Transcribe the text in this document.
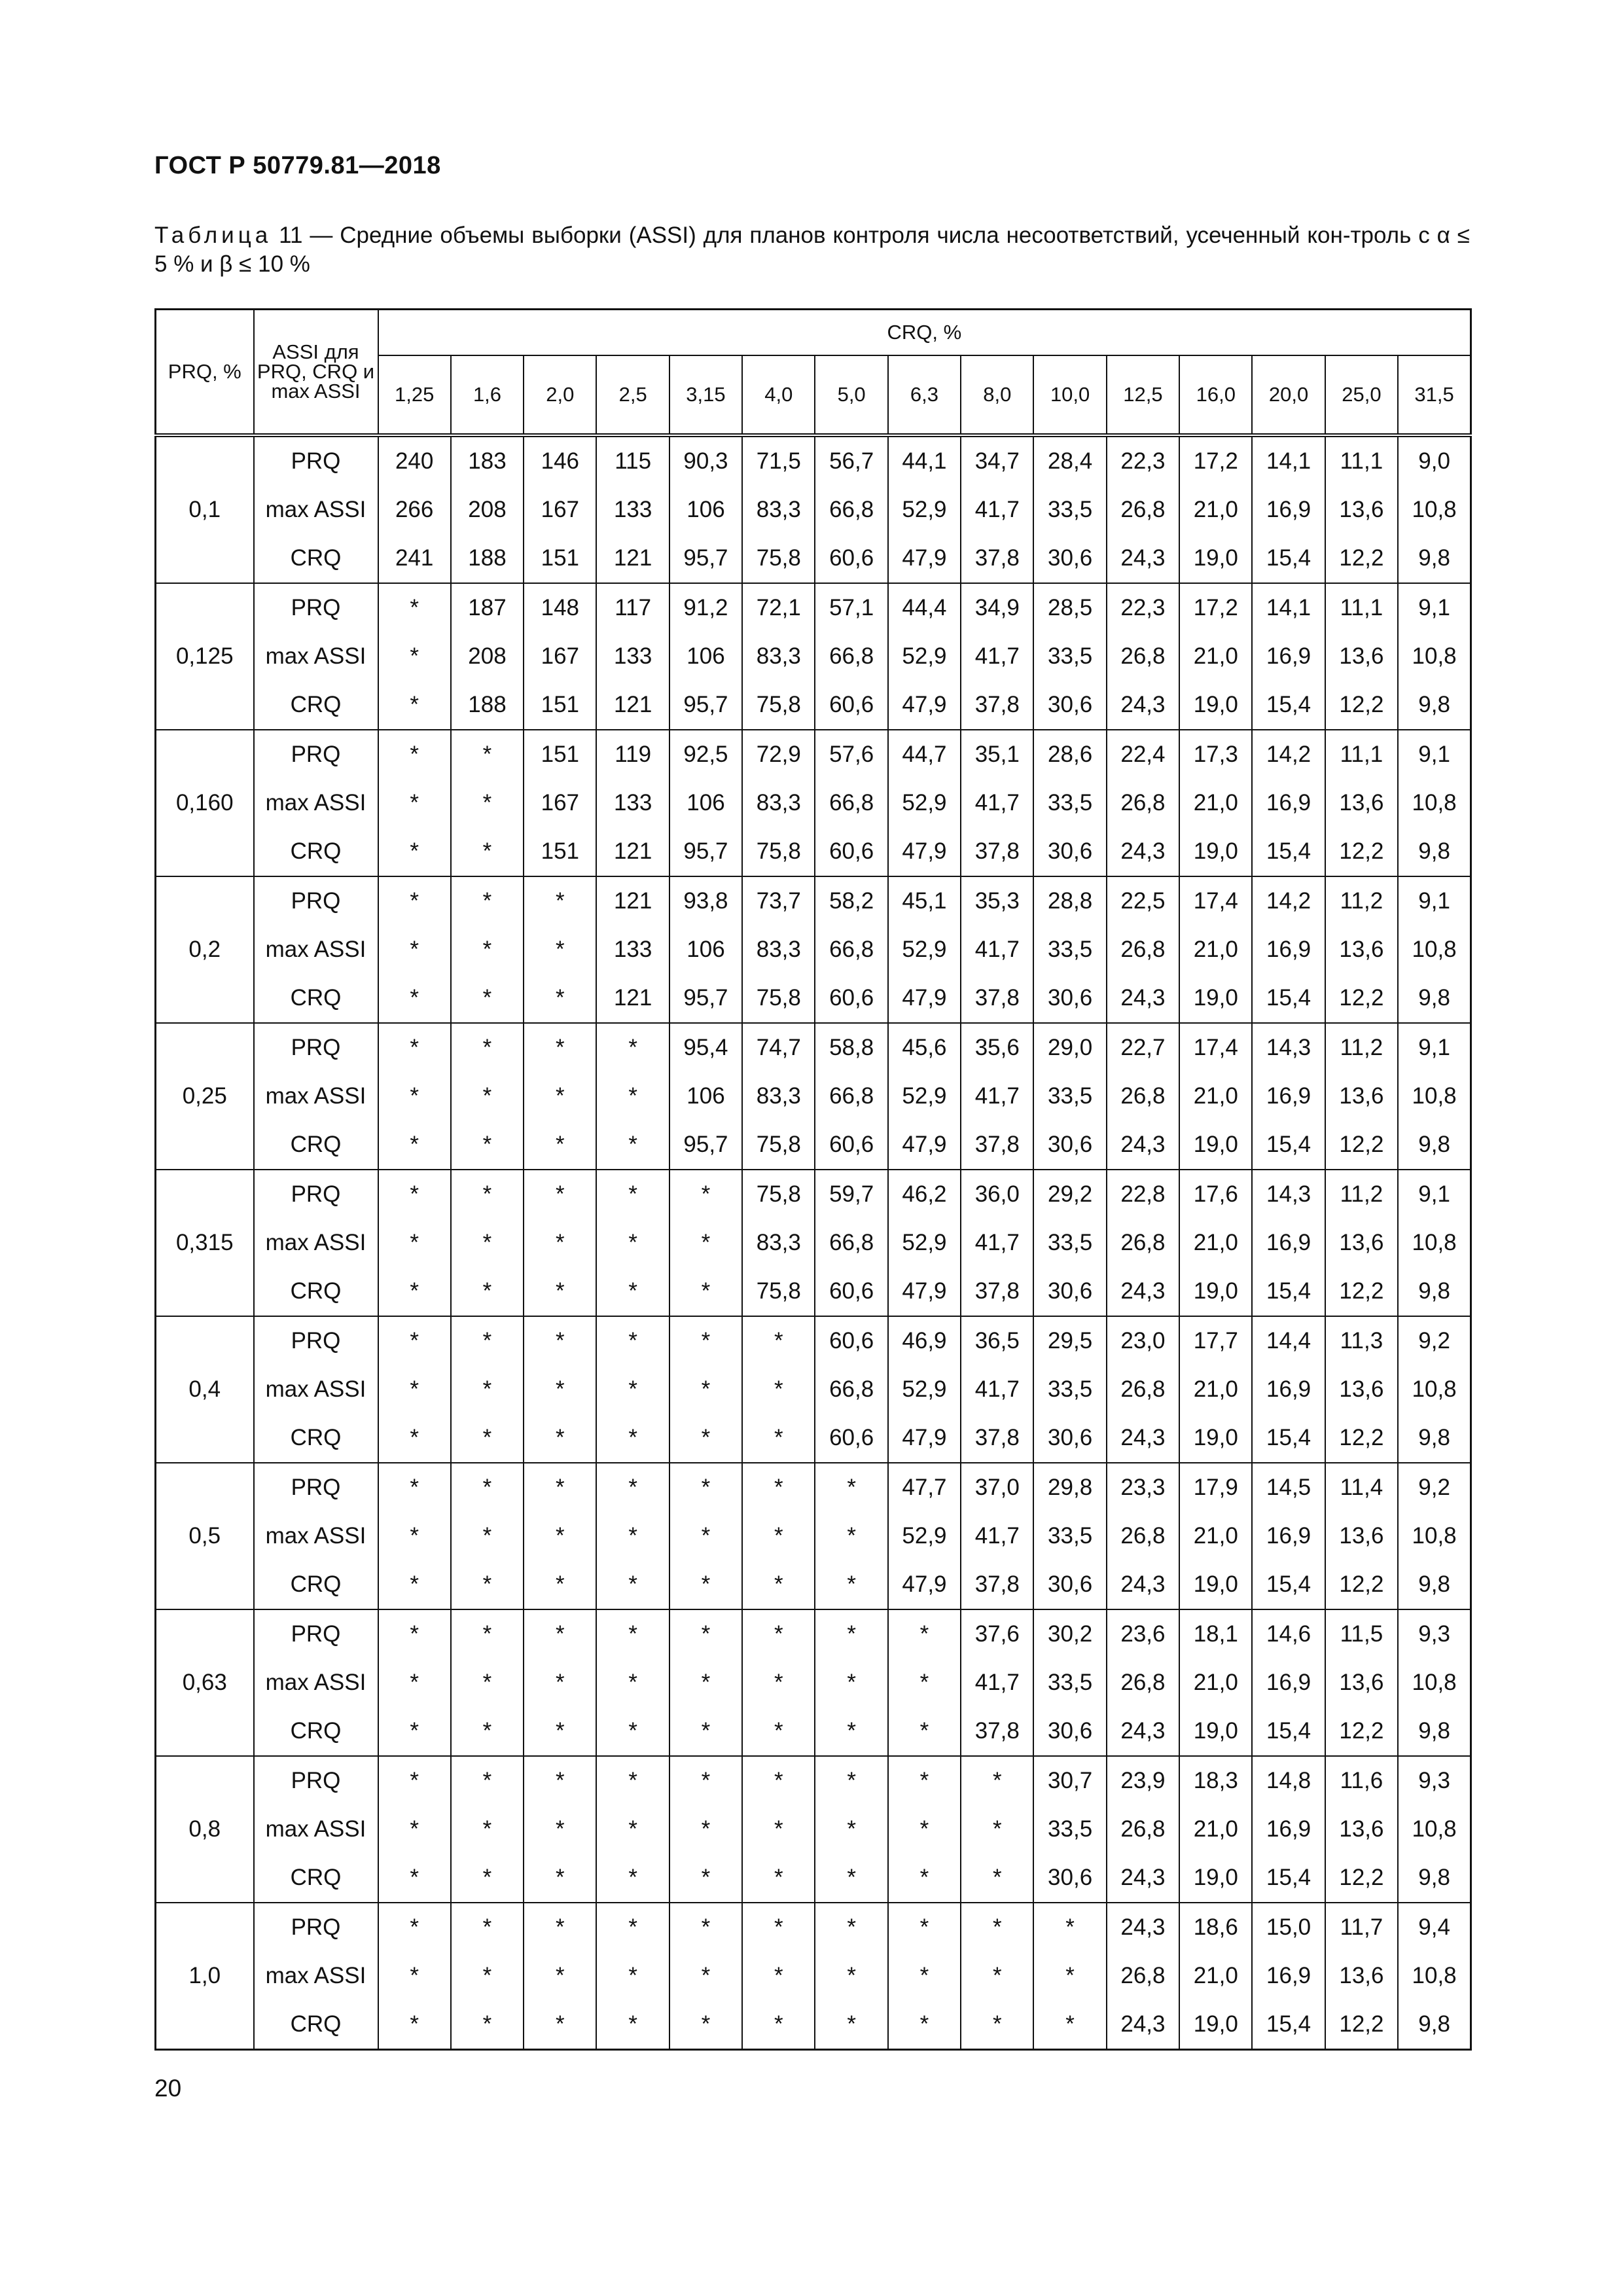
ГОСТ Р 50779.81—2018
Таблица 11 — Средние объемы выборки (ASSI) для планов контроля числа несоответствий, усеченный кон-троль с α ≤ 5 % и β ≤ 10 %
PRQ, %	ASSI для PRQ, CRQ и max ASSI	CRQ, %														
		1,25	1,6	2,0	2,5	3,15	4,0	5,0	6,3	8,0	10,0	12,5	16,0	20,0	25,0	31,5
0,1	PRQ	240	183	146	115	90,3	71,5	56,7	44,1	34,7	28,4	22,3	17,2	14,1	11,1	9,0
	max ASSI	266	208	167	133	106	83,3	66,8	52,9	41,7	33,5	26,8	21,0	16,9	13,6	10,8
	CRQ	241	188	151	121	95,7	75,8	60,6	47,9	37,8	30,6	24,3	19,0	15,4	12,2	9,8
0,125	PRQ	*	187	148	117	91,2	72,1	57,1	44,4	34,9	28,5	22,3	17,2	14,1	11,1	9,1
	max ASSI	*	208	167	133	106	83,3	66,8	52,9	41,7	33,5	26,8	21,0	16,9	13,6	10,8
	CRQ	*	188	151	121	95,7	75,8	60,6	47,9	37,8	30,6	24,3	19,0	15,4	12,2	9,8
0,160	PRQ	*	*	151	119	92,5	72,9	57,6	44,7	35,1	28,6	22,4	17,3	14,2	11,1	9,1
	max ASSI	*	*	167	133	106	83,3	66,8	52,9	41,7	33,5	26,8	21,0	16,9	13,6	10,8
	CRQ	*	*	151	121	95,7	75,8	60,6	47,9	37,8	30,6	24,3	19,0	15,4	12,2	9,8
0,2	PRQ	*	*	*	121	93,8	73,7	58,2	45,1	35,3	28,8	22,5	17,4	14,2	11,2	9,1
	max ASSI	*	*	*	133	106	83,3	66,8	52,9	41,7	33,5	26,8	21,0	16,9	13,6	10,8
	CRQ	*	*	*	121	95,7	75,8	60,6	47,9	37,8	30,6	24,3	19,0	15,4	12,2	9,8
0,25	PRQ	*	*	*	*	95,4	74,7	58,8	45,6	35,6	29,0	22,7	17,4	14,3	11,2	9,1
	max ASSI	*	*	*	*	106	83,3	66,8	52,9	41,7	33,5	26,8	21,0	16,9	13,6	10,8
	CRQ	*	*	*	*	95,7	75,8	60,6	47,9	37,8	30,6	24,3	19,0	15,4	12,2	9,8
0,315	PRQ	*	*	*	*	*	75,8	59,7	46,2	36,0	29,2	22,8	17,6	14,3	11,2	9,1
	max ASSI	*	*	*	*	*	83,3	66,8	52,9	41,7	33,5	26,8	21,0	16,9	13,6	10,8
	CRQ	*	*	*	*	*	75,8	60,6	47,9	37,8	30,6	24,3	19,0	15,4	12,2	9,8
0,4	PRQ	*	*	*	*	*	*	60,6	46,9	36,5	29,5	23,0	17,7	14,4	11,3	9,2
	max ASSI	*	*	*	*	*	*	66,8	52,9	41,7	33,5	26,8	21,0	16,9	13,6	10,8
	CRQ	*	*	*	*	*	*	60,6	47,9	37,8	30,6	24,3	19,0	15,4	12,2	9,8
0,5	PRQ	*	*	*	*	*	*	*	47,7	37,0	29,8	23,3	17,9	14,5	11,4	9,2
	max ASSI	*	*	*	*	*	*	*	52,9	41,7	33,5	26,8	21,0	16,9	13,6	10,8
	CRQ	*	*	*	*	*	*	*	47,9	37,8	30,6	24,3	19,0	15,4	12,2	9,8
0,63	PRQ	*	*	*	*	*	*	*	*	37,6	30,2	23,6	18,1	14,6	11,5	9,3
	max ASSI	*	*	*	*	*	*	*	*	41,7	33,5	26,8	21,0	16,9	13,6	10,8
	CRQ	*	*	*	*	*	*	*	*	37,8	30,6	24,3	19,0	15,4	12,2	9,8
0,8	PRQ	*	*	*	*	*	*	*	*	*	30,7	23,9	18,3	14,8	11,6	9,3
	max ASSI	*	*	*	*	*	*	*	*	*	33,5	26,8	21,0	16,9	13,6	10,8
	CRQ	*	*	*	*	*	*	*	*	*	30,6	24,3	19,0	15,4	12,2	9,8
1,0	PRQ	*	*	*	*	*	*	*	*	*	*	24,3	18,6	15,0	11,7	9,4
	max ASSI	*	*	*	*	*	*	*	*	*	*	26,8	21,0	16,9	13,6	10,8
	CRQ	*	*	*	*	*	*	*	*	*	*	24,3	19,0	15,4	12,2	9,8
20
